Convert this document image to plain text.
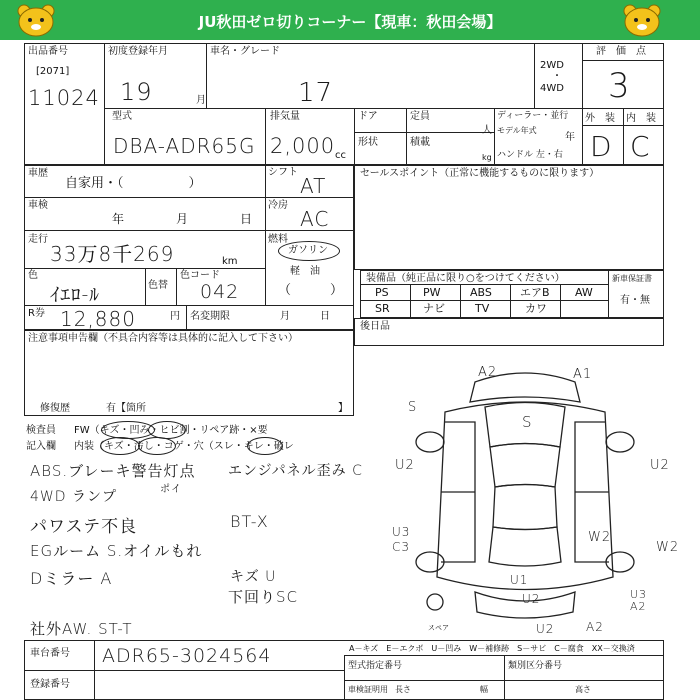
JU秋田ゼロ切りコーナー【現車：秋田会場】
出品番号
[2071]
11024
初度登録年月
19	月
車名・グレード
17
2WD
・
4WD
評　価　点
3
型式
DBA-ADR65G
排気量
2,000 cc
ドア
形状
定員
人
積載
kg
ディーラー・並行
モデル年式
年
ハンドル 左・右
外　装 内　装
D C
車歴
自家用・（　　　　　）
車検
年	月	日
走行
33万8千269	km
色
ｲｴﾛ-ﾙ	色替
色コード
042
R券 12,880	円 名変期限	月	日
シフト
AT
冷房
AC
燃料
ガソリン
軽　油
（　　　）
セールスポイント（正常に機能するものに限ります）
装備品（純正品に限り○をつけてください）	新車保証書
有・無
PS	PW	ABS	エアB AW
SR	ナビ	TV	カワ
後日品
注意事項申告欄（不具合内容等は具体的に記入して下さい）
修復歴	有【箇所	】
検査員 FW（キズ・凹み・ヒビ割・リペア跡・×要
記入欄 内装（キズ・汚し・コゲ・穴（スレ・キレ・破レ
ABS.ブレーキ警告灯点
ポイ
4WD ランプ
パワステ不良
EGルーム S.オイルもれ
Dミラー A
社外AW. ST-T
エンジパネル歪み C
BT-X
キズ U
下回りSC
A2	A1
S
S
U2	U2
U3
C3
W2
W2
U1
U2	U3
A2
U2	A2
スペア
A－キズ　E－エクボ　U－凹み　W－補修跡　S－サビ　C－腐食　XX－交換済
車台番号 ADR65-3024564
登録番号
型式指定番号	類別区分番号
車検証明用 長さ	幅	高さ
